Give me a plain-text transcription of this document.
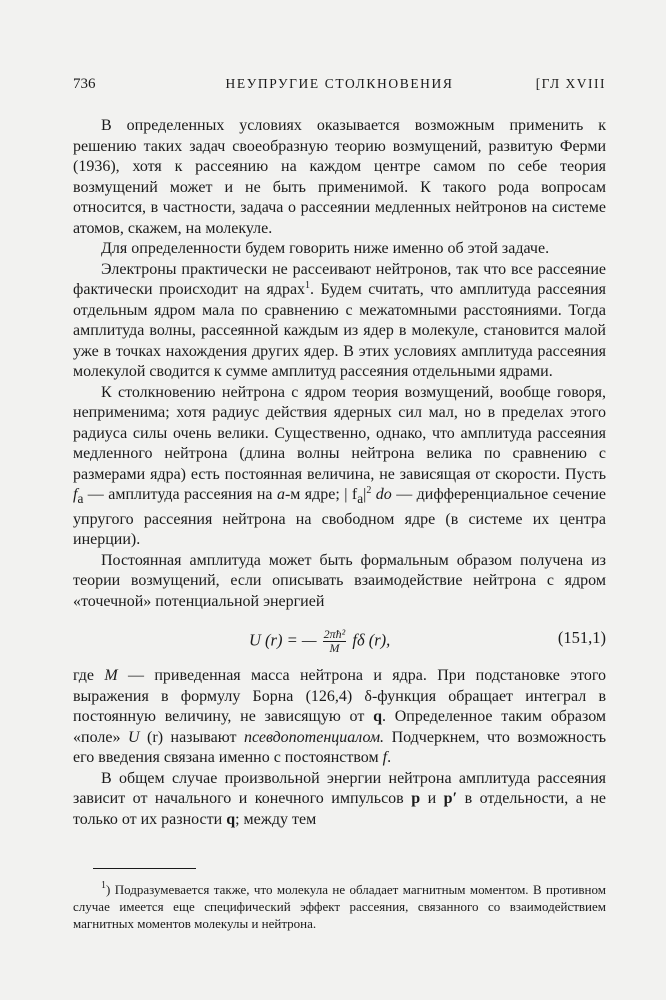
736	НЕУПРУГИЕ СТОЛКНОВЕНИЯ	[ГЛ XVIII

В определенных условиях оказывается возможным применить к решению таких задач своеобразную теорию возмущений, развитую Ферми (1936), хотя к рассеянию на каждом центре самом по себе теория возмущений может и не быть применимой. К такого рода вопросам относится, в частности, задача о рассеянии медленных нейтронов на системе атомов, скажем, на молекуле.

Для определенности будем говорить ниже именно об этой задаче.

Электроны практически не рассеивают нейтронов, так что все рассеяние фактически происходит на ядрах$^1$. Будем считать, что амплитуда рассеяния отдельным ядром мала по сравнению с межатомными расстояниями. Тогда амплитуда волны, рассеянной каждым из ядер в молекуле, становится малой уже в точках нахождения других ядер. В этих условиях амплитуда рассеяния молекулой сводится к сумме амплитуд рассеяния отдельными ядрами.

К столкновению нейтрона с ядром теория возмущений, вообще говоря, неприменима; хотя радиус действия ядерных сил мал, но в пределах этого радиуса силы очень велики. Существенно, однако, что амплитуда рассеяния медленного нейтрона (длина волны нейтрона велика по сравнению с размерами ядра) есть постоянная величина, не зависящая от скорости. Пусть $f_a$ — амплитуда рассеяния на a-м ядре; | $f_a|^2$ do — дифференциальное сечение упругого рассеяния нейтрона на свободном ядре (в системе их центра инерции).

Постоянная амплитуда может быть формальным образом получена из теории возмущений, если описывать взаимодействие нейтрона с ядром «точечной» потенциальной энергией

U (r) = — $\frac{\text{2πħ²}}{M}$ fδ (r),	(151,1)

где M — приведенная масса нейтрона и ядра. При подстановке этого выражения в формулу Борна (126,4) δ-функция обращает интеграл в постоянную величину, не зависящую от q. Определенное таким образом «поле» U (r) называют псевдопотенциалом. Подчеркнем, что возможность его введения связана именно с постоянством f.

В общем случае произвольной энергии нейтрона амплитуда рассеяния зависит от начального и конечного импульсов p и p′ в отдельности, а не только от их разности q; между тем

$^1$) Подразумевается также, что молекула не обладает магнитным моментом. В противном случае имеется еще специфический эффект рассеяния, связанного со взаимодействием магнитных моментов молекулы и нейтрона.
